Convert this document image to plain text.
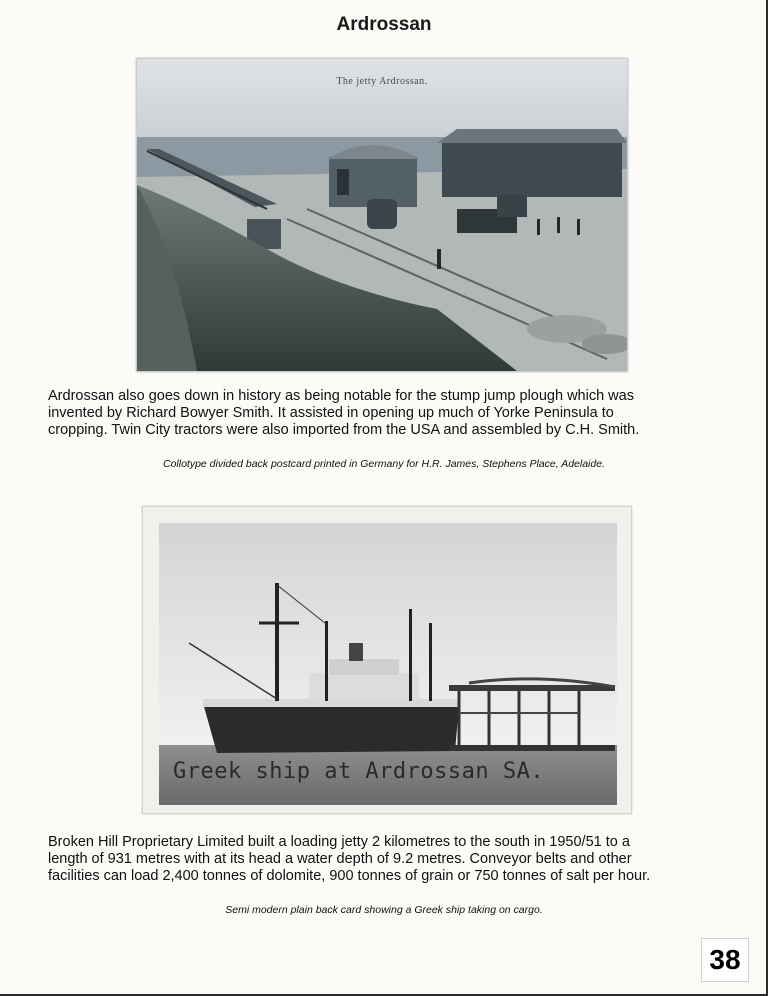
Ardrossan
The jetty Ardrossan.
Ardrossan also goes down in history as being notable for the stump jump plough which was
invented by Richard Bowyer Smith. It assisted in opening up much of Yorke Peninsula to
cropping. Twin City tractors were also imported from the USA and assembled by C.H. Smith.
Collotype divided back postcard printed in Germany for H.R. James, Stephens Place, Adelaide.
Greek ship at Ardrossan SA.
Broken Hill Proprietary Limited built a loading jetty 2 kilometres to the south in 1950/51 to a
length of 931 metres with at its head a water depth of 9.2 metres. Conveyor belts and other
facilities can load 2,400 tonnes of dolomite, 900 tonnes of grain or 750 tonnes of salt per hour.
Semi modern plain back card showing a Greek ship taking on cargo.
38
